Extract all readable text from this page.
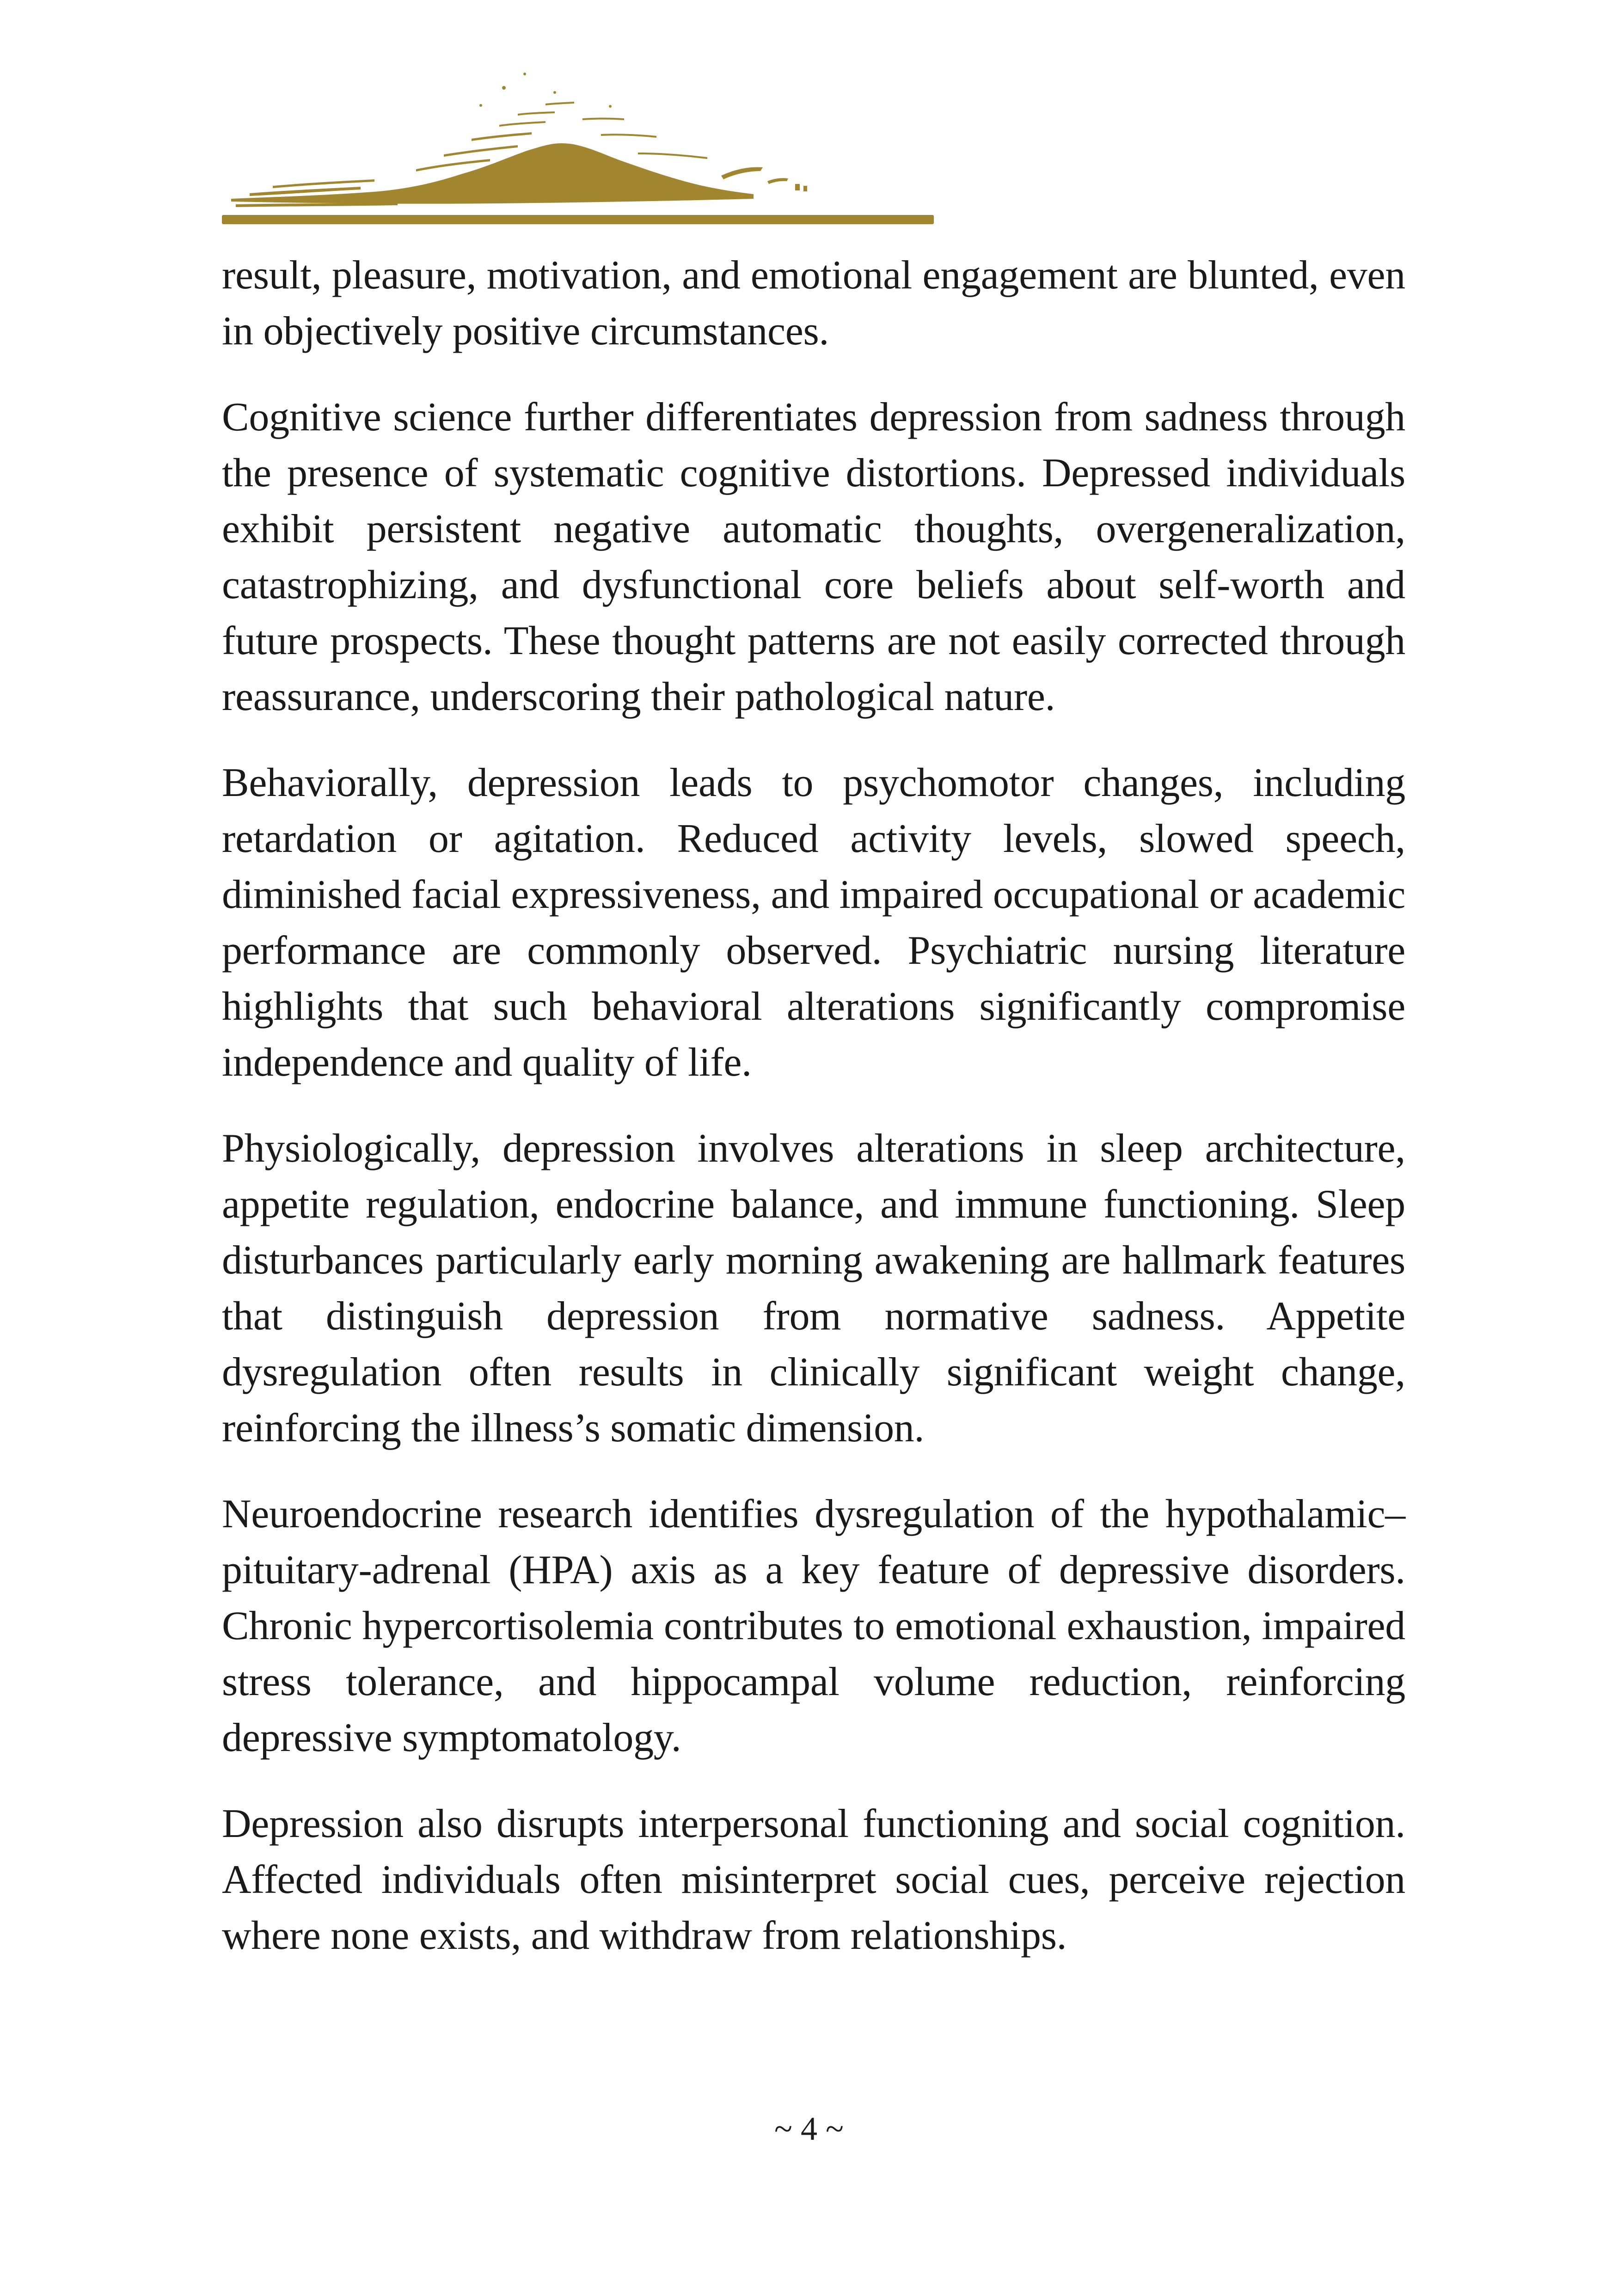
result, pleasure, motivation, and emotional engagement are blunted, even in objectively positive circumstances.

Cognitive science further differentiates depression from sadness through the presence of systematic cognitive distortions. Depressed individuals exhibit persistent negative automatic thoughts, overgeneralization, catastrophizing, and dysfunctional core beliefs about self-worth and future prospects. These thought patterns are not easily corrected through reassurance, underscoring their pathological nature.

Behaviorally, depression leads to psychomotor changes, including retardation or agitation. Reduced activity levels, slowed speech, diminished facial expressiveness, and impaired occupational or academic performance are commonly observed. Psychiatric nursing literature highlights that such behavioral alterations significantly compromise independence and quality of life.

Physiologically, depression involves alterations in sleep architecture, appetite regulation, endocrine balance, and immune functioning. Sleep disturbances particularly early morning awakening are hallmark features that distinguish depression from normative sadness. Appetite dysregulation often results in clinically significant weight change, reinforcing the illness’s somatic dimension.

Neuroendocrine research identifies dysregulation of the hypothalamic–pituitary-adrenal (HPA) axis as a key feature of depressive disorders. Chronic hypercortisolemia contributes to emotional exhaustion, impaired stress tolerance, and hippocampal volume reduction, reinforcing depressive symptomatology.

Depression also disrupts interpersonal functioning and social cognition. Affected individuals often misinterpret social cues, perceive rejection where none exists, and withdraw from relationships.

~ 4 ~
